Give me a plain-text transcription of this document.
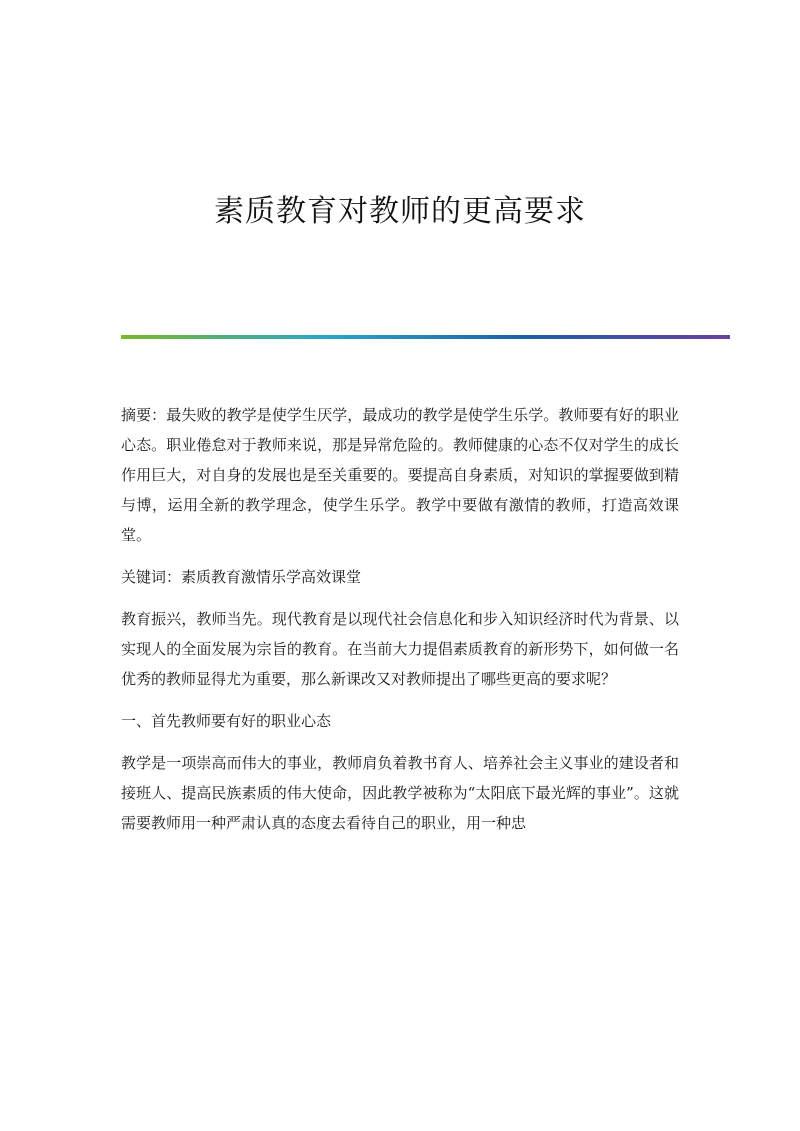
素质教育对教师的更高要求

摘要：最失败的教学是使学生厌学，最成功的教学是使学生乐学。教师要有好的职业心态。职业倦怠对于教师来说，那是异常危险的。教师健康的心态不仅对学生的成长作用巨大，对自身的发展也是至关重要的。要提高自身素质，对知识的掌握要做到精与博，运用全新的教学理念，使学生乐学。教学中要做有激情的教师，打造高效课堂。

关键词：素质教育激情乐学高效课堂

教育振兴，教师当先。现代教育是以现代社会信息化和步入知识经济时代为背景、以实现人的全面发展为宗旨的教育。在当前大力提倡素质教育的新形势下，如何做一名优秀的教师显得尤为重要，那么新课改又对教师提出了哪些更高的要求呢？

一、首先教师要有好的职业心态

教学是一项崇高而伟大的事业，教师肩负着教书育人、培养社会主义事业的建设者和接班人、提高民族素质的伟大使命，因此教学被称为“太阳底下最光辉的事业”。这就需要教师用一种严肃认真的态度去看待自己的职业，用一种忠
